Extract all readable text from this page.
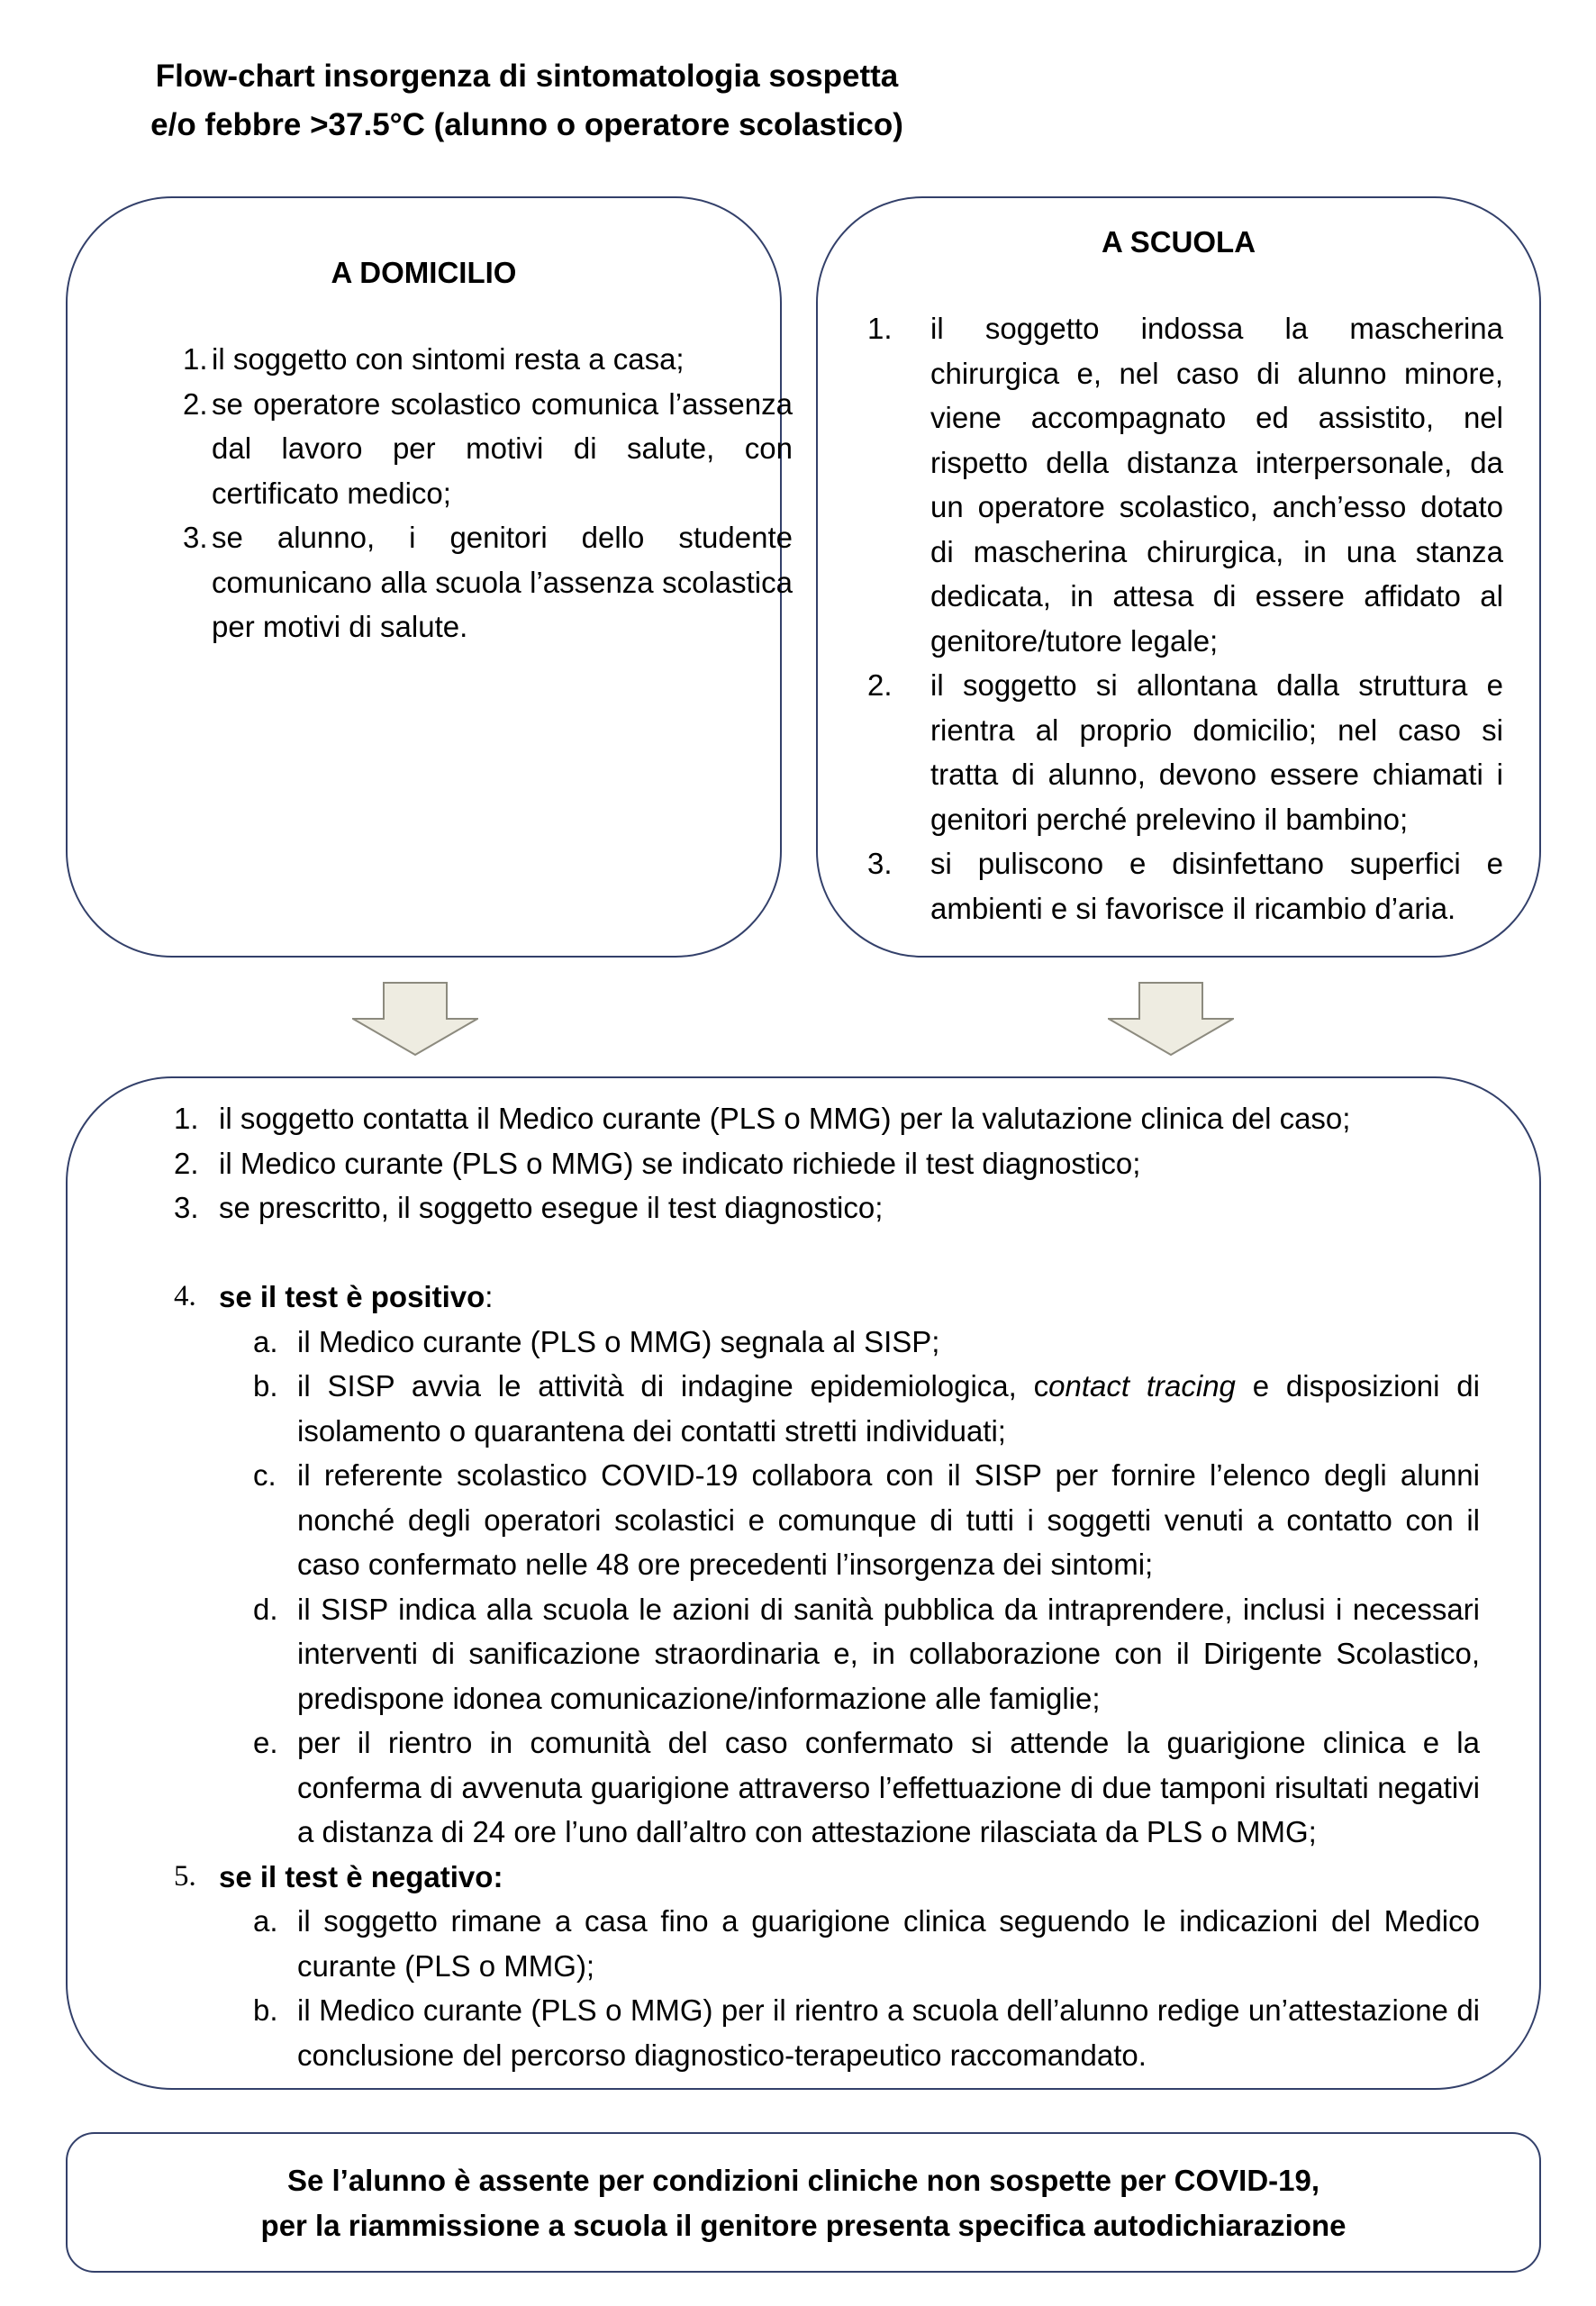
Flow-chart insorgenza di sintomatologia sospetta
e/o febbre >37.5°C (alunno o operatore scolastico)
A DOMICILIO
1. il soggetto con sintomi resta a casa;
2. se operatore scolastico comunica l’assenza dal lavoro per motivi di salute, con certificato medico;
3. se alunno, i genitori dello studente comunicano alla scuola l’assenza scolastica per motivi di salute.
A SCUOLA
1. il soggetto indossa la mascherina chirurgica e, nel caso di alunno minore, viene accompagnato ed assistito, nel rispetto della distanza interpersonale, da un operatore scolastico, anch’esso dotato di mascherina chirurgica, in una stanza dedicata, in attesa di essere affidato al genitore/tutore legale;
2. il soggetto si allontana dalla struttura e rientra al proprio domicilio; nel caso si tratta di alunno, devono essere chiamati i genitori perché prelevino il bambino;
3. si puliscono e disinfettano superfici e ambienti e si favorisce il ricambio d’aria.
1. il soggetto contatta il Medico curante (PLS o MMG) per la valutazione clinica del caso;
2. il Medico curante (PLS o MMG) se indicato richiede il test diagnostico;
3. se prescritto, il soggetto esegue il test diagnostico;
4. se il test è positivo:
a. il Medico curante (PLS o MMG) segnala al SISP;
b. il SISP avvia le attività di indagine epidemiologica, contact tracing e disposizioni di isolamento o quarantena dei contatti stretti individuati;
c. il referente scolastico COVID-19 collabora con il SISP per fornire l’elenco degli alunni nonché degli operatori scolastici e comunque di tutti i soggetti venuti a contatto con il caso confermato nelle 48 ore precedenti l’insorgenza dei sintomi;
d. il SISP indica alla scuola le azioni di sanità pubblica da intraprendere, inclusi i necessari interventi di sanificazione straordinaria e, in collaborazione con il Dirigente Scolastico, predispone idonea comunicazione/informazione alle famiglie;
e. per il rientro in comunità del caso confermato si attende la guarigione clinica e la conferma di avvenuta guarigione attraverso l’effettuazione di due tamponi risultati negativi a distanza di 24 ore l’uno dall’altro con attestazione rilasciata da PLS o MMG;
5. se il test è negativo:
a. il soggetto rimane a casa fino a guarigione clinica seguendo le indicazioni del Medico curante (PLS o MMG);
b. il Medico curante (PLS o MMG) per il rientro a scuola dell’alunno redige un’attestazione di conclusione del percorso diagnostico-terapeutico raccomandato.
Se l’alunno è assente per condizioni cliniche non sospette per COVID-19,
per la riammissione a scuola il genitore presenta specifica autodichiarazione
